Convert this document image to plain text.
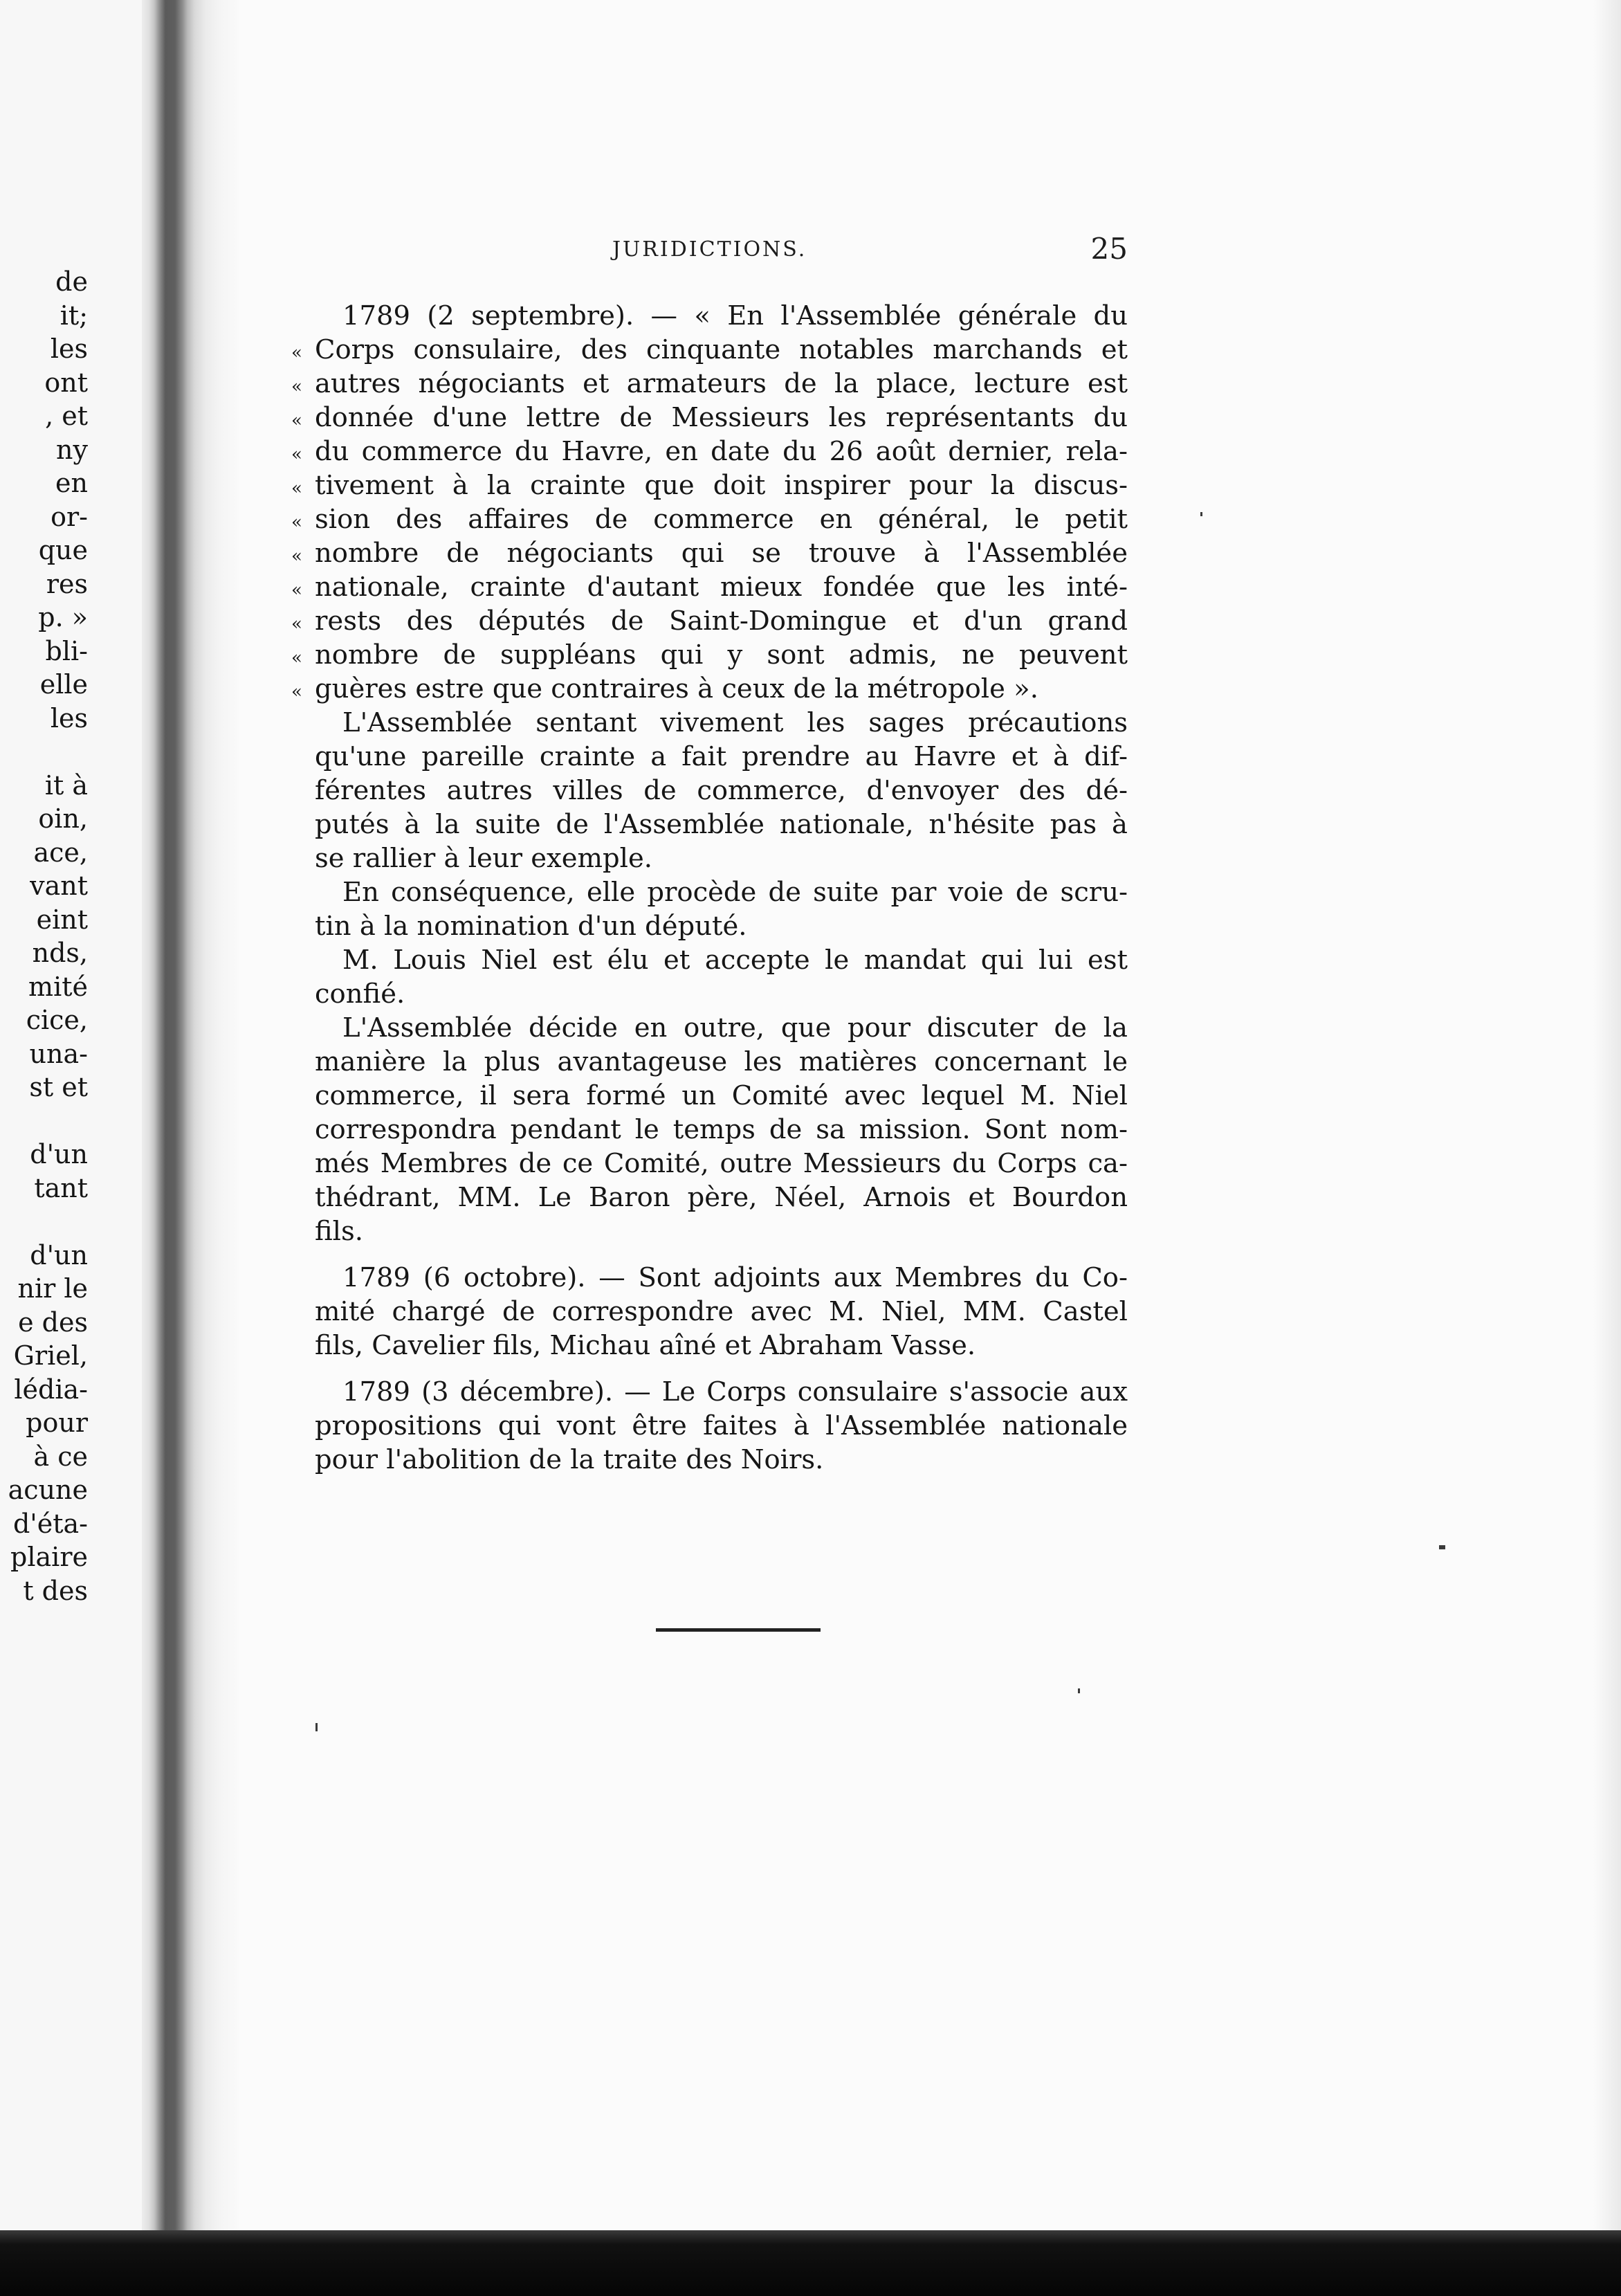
de
it;
les
ont
, et
ny
en
or-
que
res
p. »
bli-
elle
les
it à
oin,
ace,
vant
eint
nds,
mité
cice,
una-
st et
d'un
tant
d'un
nir le
e des
Griel,
lédia-
pour
à ce
acune
d'éta-
plaire
t des
JURIDICTIONS.	25
1789 (2 septembre). — « En l'Assemblée générale du
« Corps consulaire, des cinquante notables marchands et
« autres négociants et armateurs de la place, lecture est
« donnée d'une lettre de Messieurs les représentants du
« du commerce du Havre, en date du 26 août dernier, rela-
« tivement à la crainte que doit inspirer pour la discus-
« sion des affaires de commerce en général, le petit
« nombre de négociants qui se trouve à l'Assemblée
« nationale, crainte d'autant mieux fondée que les inté-
« rests des députés de Saint-Domingue et d'un grand
« nombre de suppléans qui y sont admis, ne peuvent
« guères estre que contraires à ceux de la métropole ».
L'Assemblée sentant vivement les sages précautions
qu'une pareille crainte a fait prendre au Havre et à dif-
férentes autres villes de commerce, d'envoyer des dé-
putés à la suite de l'Assemblée nationale, n'hésite pas à
se rallier à leur exemple.
En conséquence, elle procède de suite par voie de scru-
tin à la nomination d'un député.
M. Louis Niel est élu et accepte le mandat qui lui est
confié.
L'Assemblée décide en outre, que pour discuter de la
manière la plus avantageuse les matières concernant le
commerce, il sera formé un Comité avec lequel M. Niel
correspondra pendant le temps de sa mission. Sont nom-
més Membres de ce Comité, outre Messieurs du Corps ca-
thédrant, MM. Le Baron père, Néel, Arnois et Bourdon
fils.
1789 (6 octobre). — Sont adjoints aux Membres du Co-
mité chargé de correspondre avec M. Niel, MM. Castel
fils, Cavelier fils, Michau aîné et Abraham Vasse.
1789 (3 décembre). — Le Corps consulaire s'associe aux
propositions qui vont être faites à l'Assemblée nationale
pour l'abolition de la traite des Noirs.
